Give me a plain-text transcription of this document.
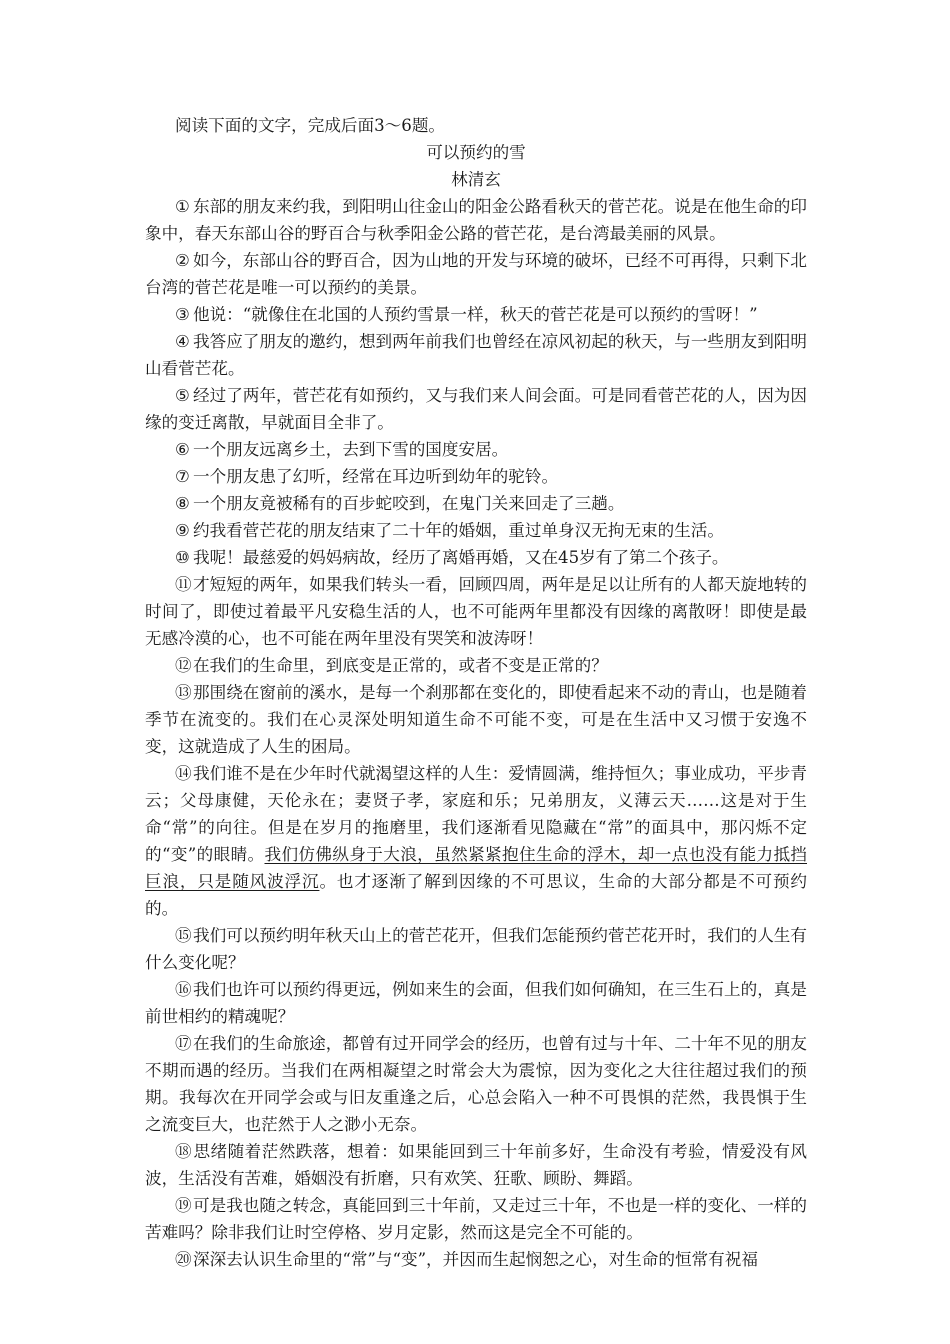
阅读下面的文字，完成后面3～6题。

可以预约的雪

林清玄

① 东部的朋友来约我，到阳明山往金山的阳金公路看秋天的菅芒花。说是在他生命的印象中，春天东部山谷的野百合与秋季阳金公路的菅芒花，是台湾最美丽的风景。

② 如今，东部山谷的野百合，因为山地的开发与环境的破坏，已经不可再得，只剩下北台湾的菅芒花是唯一可以预约的美景。

③ 他说：“就像住在北国的人预约雪景一样，秋天的菅芒花是可以预约的雪呀！”

④ 我答应了朋友的邀约，想到两年前我们也曾经在凉风初起的秋天，与一些朋友到阳明山看菅芒花。

⑤ 经过了两年，菅芒花有如预约，又与我们来人间会面。可是同看菅芒花的人，因为因缘的变迁离散，早就面目全非了。

⑥ 一个朋友远离乡土，去到下雪的国度安居。

⑦ 一个朋友患了幻听，经常在耳边听到幼年的驼铃。

⑧ 一个朋友竟被稀有的百步蛇咬到，在鬼门关来回走了三趟。

⑨ 约我看菅芒花的朋友结束了二十年的婚姻，重过单身汉无拘无束的生活。

⑩ 我呢！最慈爱的妈妈病故，经历了离婚再婚，又在45岁有了第二个孩子。

⑪才短短的两年，如果我们转头一看，回顾四周，两年是足以让所有的人都天旋地转的时间了，即使过着最平凡安稳生活的人，也不可能两年里都没有因缘的离散呀！即使是最无感冷漠的心，也不可能在两年里没有哭笑和波涛呀！

⑫在我们的生命里，到底变是正常的，或者不变是正常的？

⑬那围绕在窗前的溪水，是每一个刹那都在变化的，即使看起来不动的青山，也是随着季节在流变的。我们在心灵深处明知道生命不可能不变，可是在生活中又习惯于安逸不变，这就造成了人生的困局。

⑭我们谁不是在少年时代就渴望这样的人生：爱情圆满，维持恒久；事业成功，平步青云；父母康健，天伦永在；妻贤子孝，家庭和乐；兄弟朋友，义薄云天……这是对于生命“常”的向往。但是在岁月的拖磨里，我们逐渐看见隐藏在“常”的面具中，那闪烁不定的“变”的眼睛。我们仿佛纵身于大浪，虽然紧紧抱住生命的浮木，却一点也没有能力抵挡巨浪，只是随风波浮沉。也才逐渐了解到因缘的不可思议，生命的大部分都是不可预约的。

⑮我们可以预约明年秋天山上的菅芒花开，但我们怎能预约菅芒花开时，我们的人生有什么变化呢？

⑯我们也许可以预约得更远，例如来生的会面，但我们如何确知，在三生石上的，真是前世相约的精魂呢？

⑰在我们的生命旅途，都曾有过开同学会的经历，也曾有过与十年、二十年不见的朋友不期而遇的经历。当我们在两相凝望之时常会大为震惊，因为变化之大往往超过我们的预期。我每次在开同学会或与旧友重逢之后，心总会陷入一种不可畏惧的茫然，我畏惧于生之流变巨大，也茫然于人之渺小无奈。

⑱思绪随着茫然跌落，想着：如果能回到三十年前多好，生命没有考验，情爱没有风波，生活没有苦难，婚姻没有折磨，只有欢笑、狂歌、顾盼、舞蹈。

⑲可是我也随之转念，真能回到三十年前，又走过三十年，不也是一样的变化、一样的苦难吗？除非我们让时空停格、岁月定影，然而这是完全不可能的。

⑳深深去认识生命里的“常”与“变”，并因而生起悯恕之心，对生命的恒常有祝福
